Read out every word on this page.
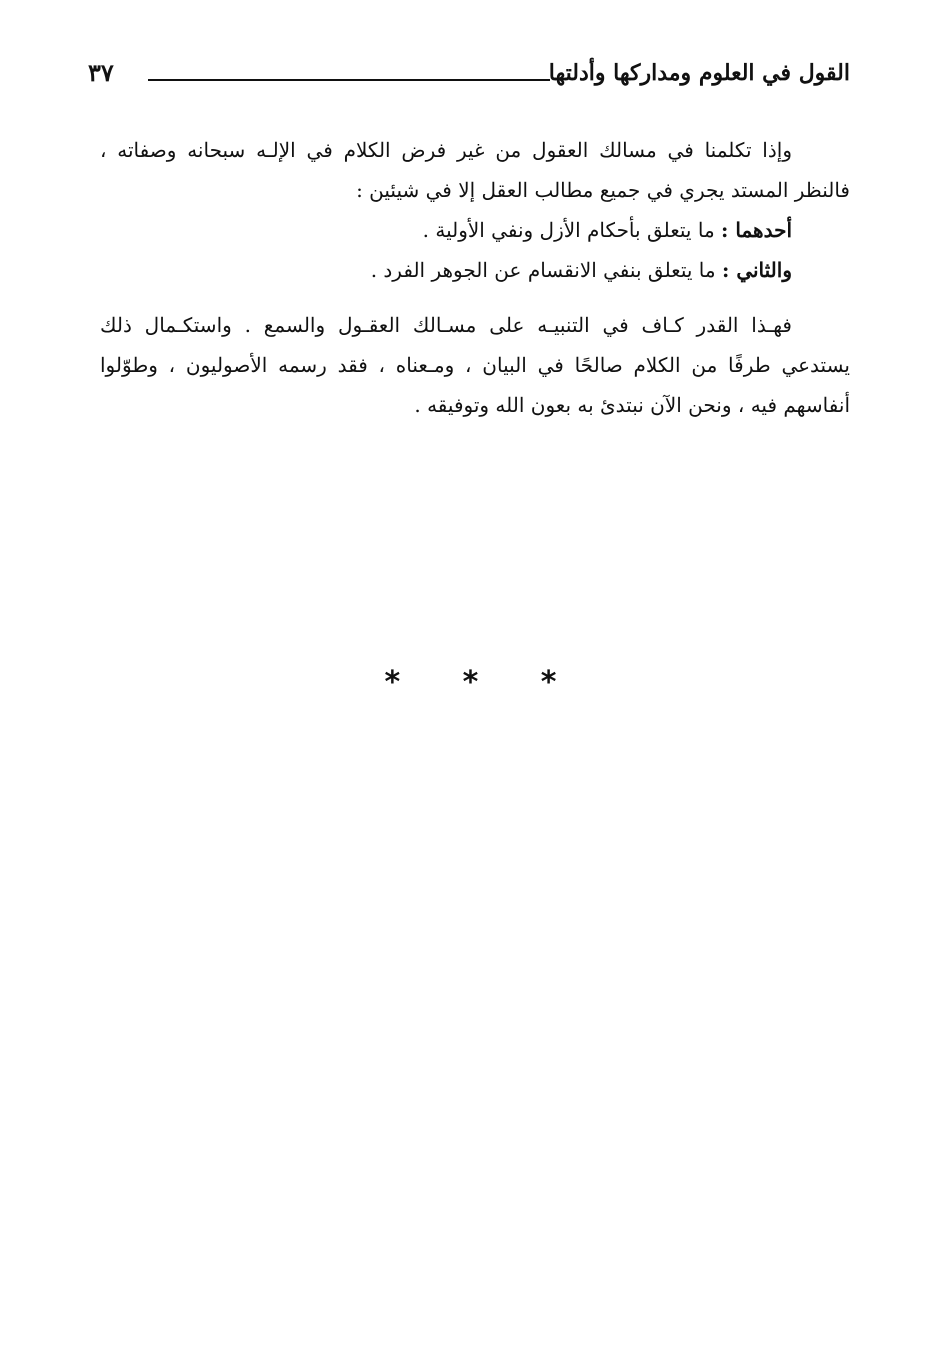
القول في العلوم ومداركها وأدلتها
٣٧

وإذا تكلمنا في مسالك العقول من غير فرض الكلام في الإلـه سبحانه وصفاته ، فالنظر المستد يجري في جميع مطالب العقل إلا في شيئين :

أحدهما : ما يتعلق بأحكام الأزل ونفي الأولية .

والثاني : ما يتعلق بنفي الانقسام عن الجوهر الفرد .

فهـذا القدر كـاف في التنبيـه على مسـالك العقـول والسمع . واستكـمال ذلك يستدعي طرفًا من الكلام صالحًا في البيان ، ومـعناه ، فقد رسمه الأصوليون ، وطوّلوا أنفاسهم فيه ، ونحن الآن نبتدئ به بعون الله وتوفيقه .

* * *
